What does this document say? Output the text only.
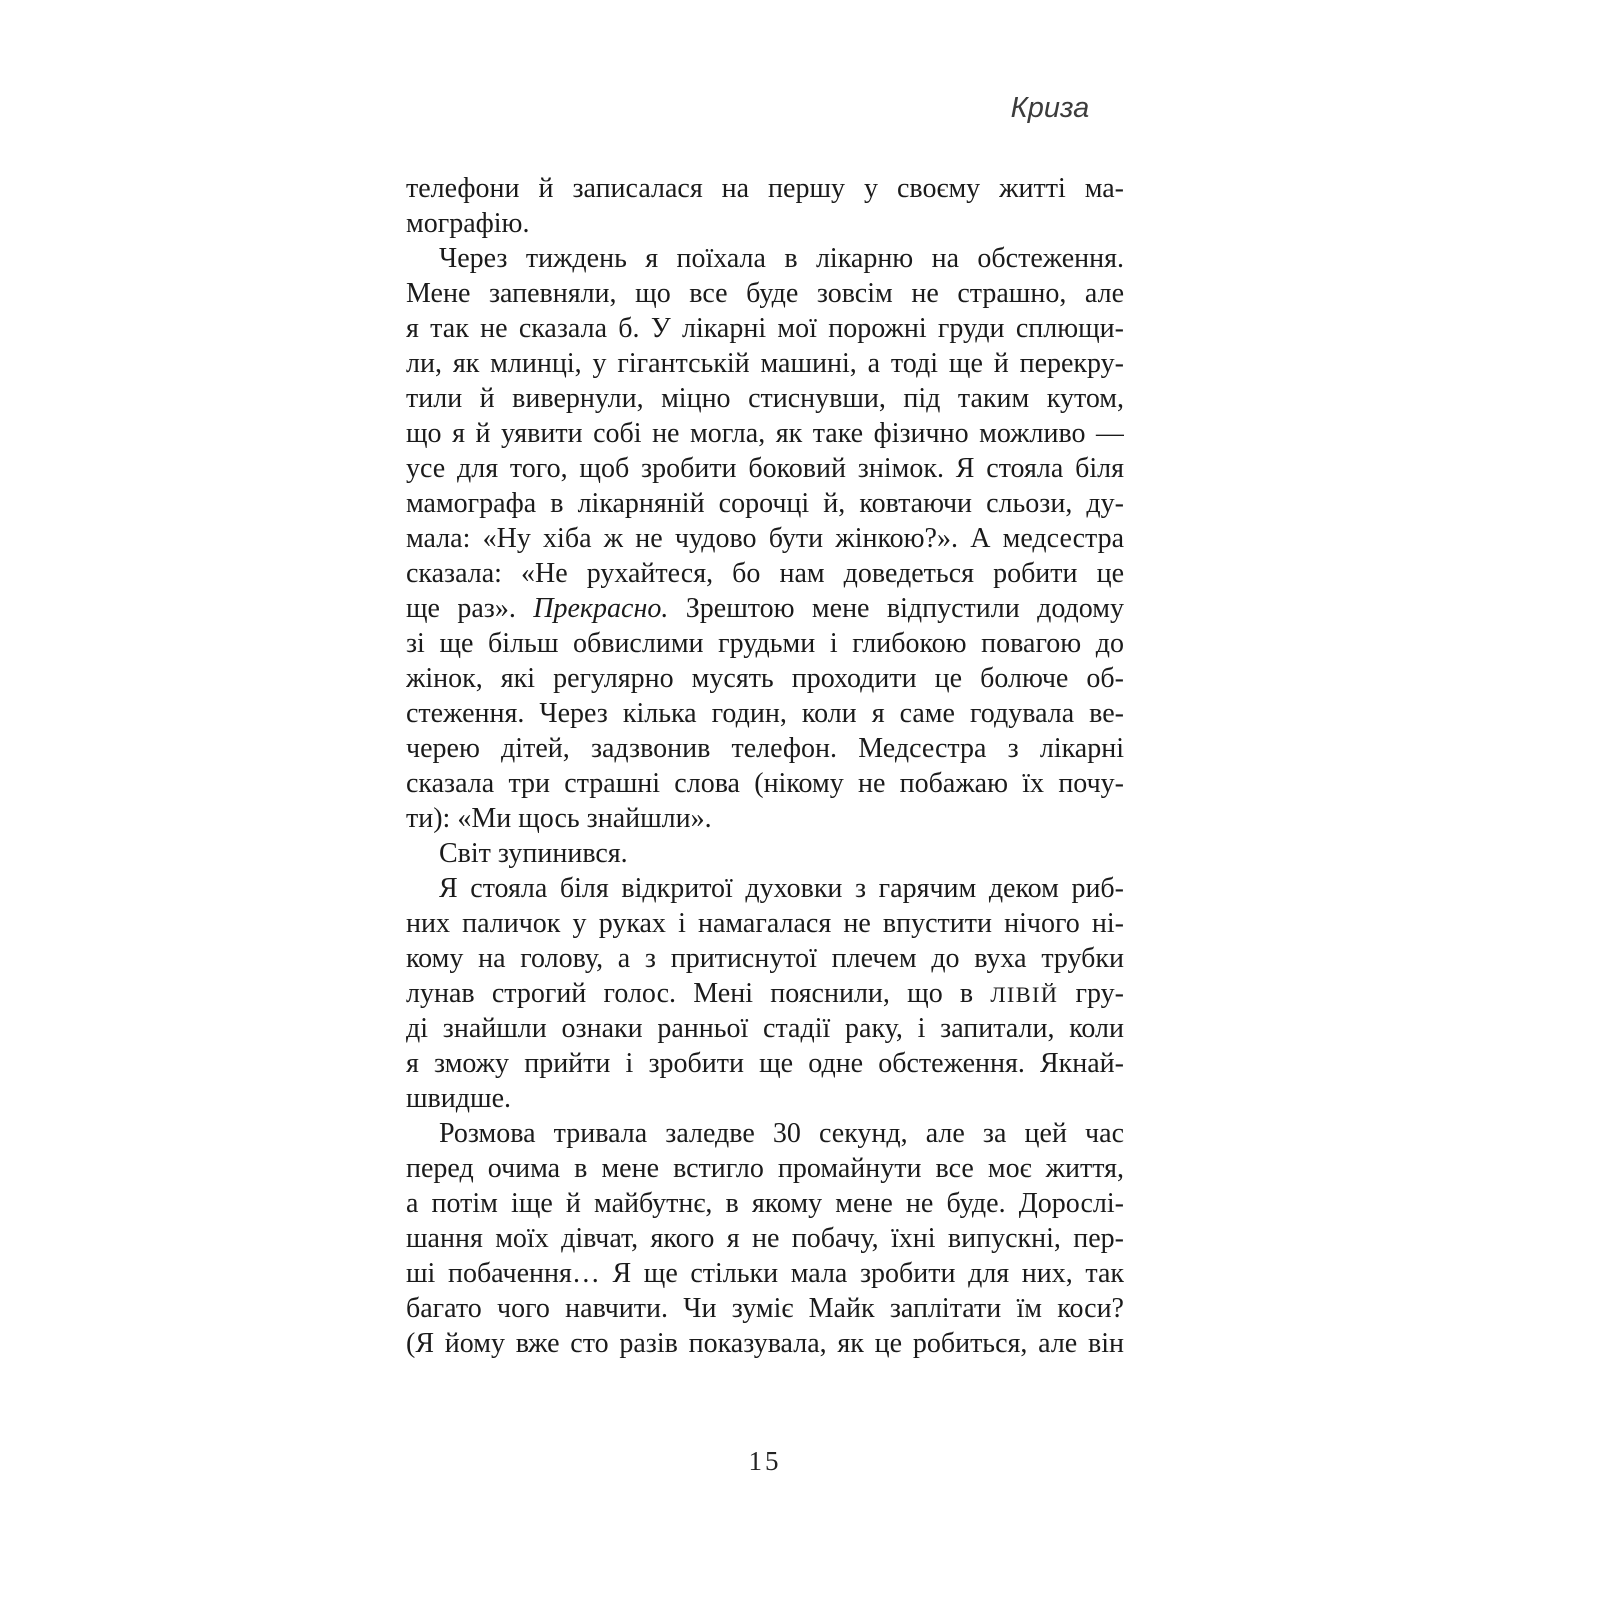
Криза
телефони й записалася на першу у своєму житті ма-
мографію.
Через тиждень я поїхала в лікарню на обстеження.
Мене запевняли, що все буде зовсім не страшно, але
я так не сказала б. У лікарні мої порожні груди сплющи-
ли, як млинці, у гігантській машині, а тоді ще й перекру-
тили й вивернули, міцно стиснувши, під таким кутом,
що я й уявити собі не могла, як таке фізично можливо —
усе для того, щоб зробити боковий знімок. Я стояла біля
мамографа в лікарняній сорочці й, ковтаючи сльози, ду-
мала: «Ну хіба ж не чудово бути жінкою?». А медсестра
сказала: «Не рухайтеся, бо нам доведеться робити це
ще раз». Прекрасно. Зрештою мене відпустили додому
зі ще більш обвислими грудьми і глибокою повагою до
жінок, які регулярно мусять проходити це болюче об-
стеження. Через кілька годин, коли я саме годувала ве-
черею дітей, задзвонив телефон. Медсестра з лікарні
сказала три страшні слова (нікому не побажаю їх почу-
ти): «Ми щось знайшли».
Світ зупинився.
Я стояла біля відкритої духовки з гарячим деком риб-
них паличок у руках і намагалася не впустити нічого ні-
кому на голову, а з притиснутої плечем до вуха трубки
лунав строгий голос. Мені пояснили, що в ЛІВІЙ гру-
ді знайшли ознаки ранньої стадії раку, і запитали, коли
я зможу прийти і зробити ще одне обстеження. Якнай-
швидше.
Розмова тривала заледве 30 секунд, але за цей час
перед очима в мене встигло промайнути все моє життя,
а потім іще й майбутнє, в якому мене не буде. Дорослі-
шання моїх дівчат, якого я не побачу, їхні випускні, пер-
ші побачення… Я ще стільки мала зробити для них, так
багато чого навчити. Чи зуміє Майк заплітати їм коси?
(Я йому вже сто разів показувала, як це робиться, але він
15
